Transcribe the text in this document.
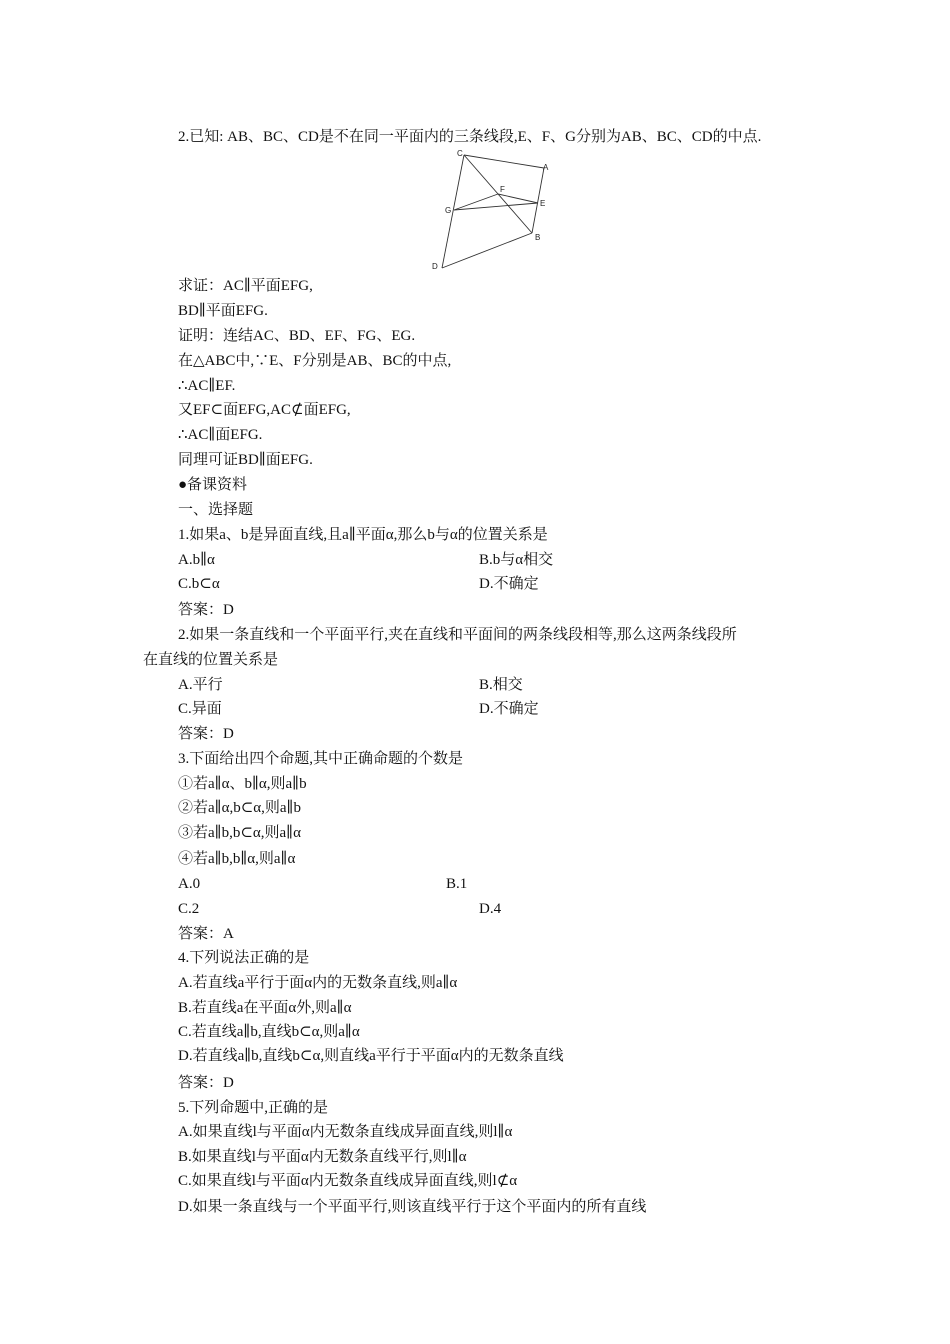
2.已知: AB、BC、CD是不在同一平面内的三条线段,E、F、G分别为AB、BC、CD的中点.
C
A
F
G
E
B
D
求证：AC∥平面EFG,
BD∥平面EFG.
证明：连结AC、BD、EF、FG、EG.
在△ABC中,∵E、F分别是AB、BC的中点,
∴AC∥EF.
又EF⊂面EFG,AC⊄面EFG,
∴AC∥面EFG.
同理可证BD∥面EFG.
●备课资料
一、选择题
1.如果a、b是异面直线,且a∥平面α,那么b与α的位置关系是
A.b∥α	B.b与α相交
C.b⊂α	D.不确定
答案：D
2.如果一条直线和一个平面平行,夹在直线和平面间的两条线段相等,那么这两条线段所
在直线的位置关系是
A.平行	B.相交
C.异面	D.不确定
答案：D
3.下面给出四个命题,其中正确命题的个数是
①若a∥α、b∥α,则a∥b
②若a∥α,b⊂α,则a∥b
③若a∥b,b⊂α,则a∥α
④若a∥b,b∥α,则a∥α
A.0	B.1
C.2	D.4
答案：A
4.下列说法正确的是
A.若直线a平行于面α内的无数条直线,则a∥α
B.若直线a在平面α外,则a∥α
C.若直线a∥b,直线b⊂α,则a∥α
D.若直线a∥b,直线b⊂α,则直线a平行于平面α内的无数条直线
答案：D
5.下列命题中,正确的是
A.如果直线l与平面α内无数条直线成异面直线,则l∥α
B.如果直线l与平面α内无数条直线平行,则l∥α
C.如果直线l与平面α内无数条直线成异面直线,则l⊄α
D.如果一条直线与一个平面平行,则该直线平行于这个平面内的所有直线
